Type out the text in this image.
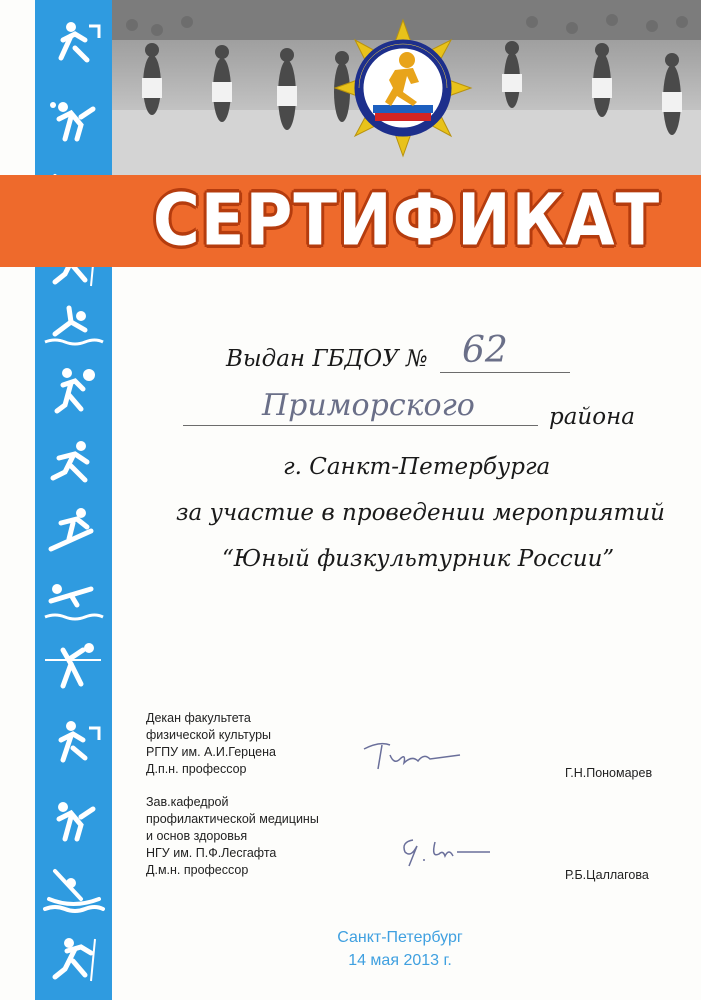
СЕРТИФИКАТ
Выдан ГБДОУ № 62
Приморского	района
г. Санкт-Петербурга
за участие в проведении мероприятий
“Юный физкультурник России”
Декан факультета
физической культуры
РГПУ им. А.И.Герцена
Д.п.н. профессор	Г.Н.Пономарев
Зав.кафедрой
профилактической медицины
и основ здоровья
НГУ им. П.Ф.Лесгафта
Д.м.н. профессор	Р.Б.Цаллагова
Санкт-Петербург
14 мая 2013 г.
